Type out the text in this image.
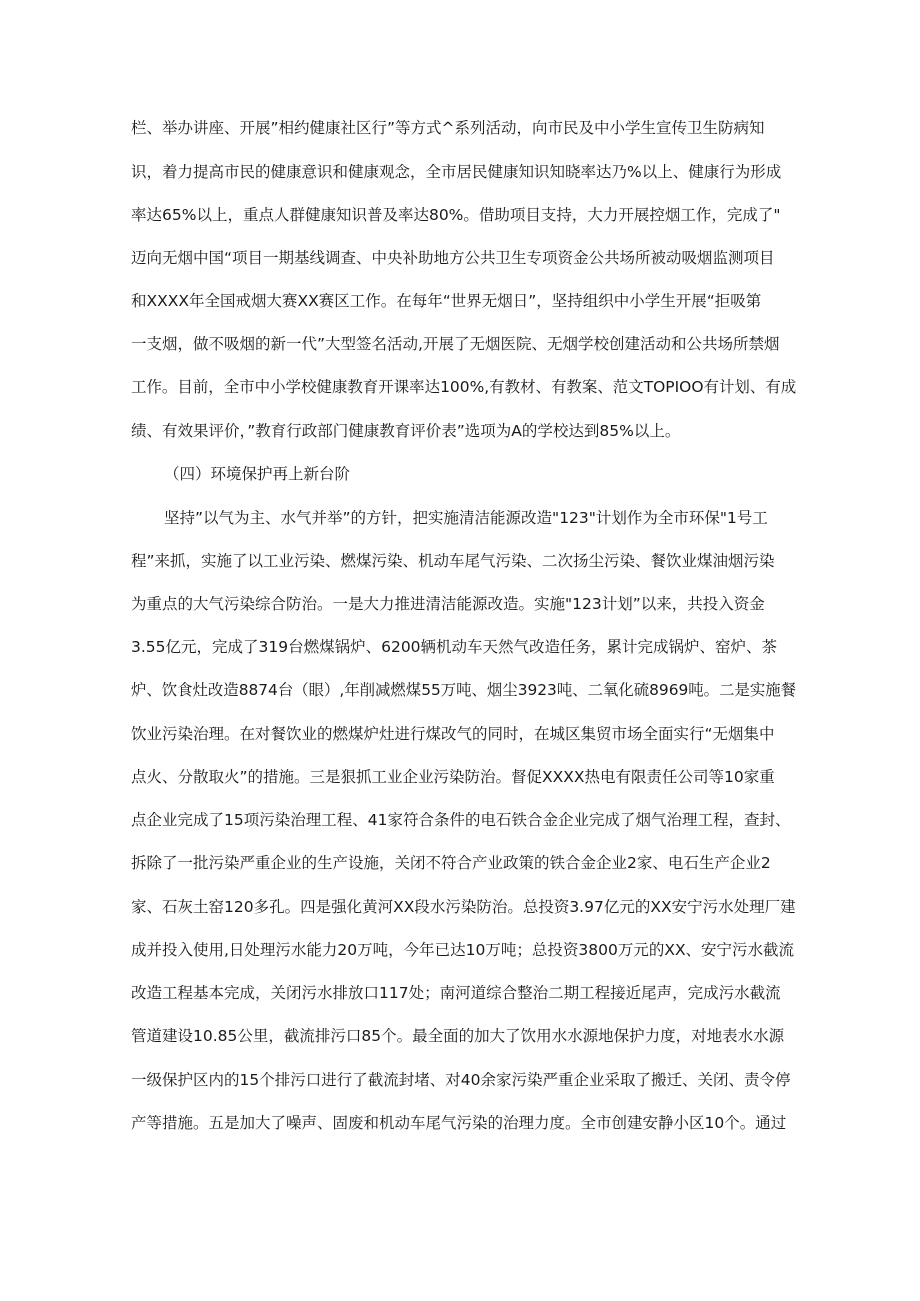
栏、举办讲座、开展”相约健康社区行”等方式^系列活动，向市民及中小学生宣传卫生防病知
识，着力提高市民的健康意识和健康观念，全市居民健康知识知晓率达乃%以上、健康行为形成
率达65%以上，重点人群健康知识普及率达80%。借助项目支持，大力开展控烟工作，完成了"
迈向无烟中国“项目一期基线调查、中央补助地方公共卫生专项资金公共场所被动吸烟监测项目
和XXXX年全国戒烟大赛XX赛区工作。在每年“世界无烟日”，坚持组织中小学生开展“拒吸第
一支烟，做不吸烟的新一代”大型签名活动,开展了无烟医院、无烟学校创建活动和公共场所禁烟
工作。目前，全市中小学校健康教育开课率达100%,有教材、有教案、范文TOPIOO有计划、有成
绩、有效果评价，”教育行政部门健康教育评价表”选项为A的学校达到85%以上。
（四）环境保护再上新台阶
坚持”以气为主、水气并举”的方针，把实施清洁能源改造"123"计划作为全市环保"1号工
程”来抓，实施了以工业污染、燃煤污染、机动车尾气污染、二次扬尘污染、餐饮业煤油烟污染
为重点的大气污染综合防治。一是大力推进清洁能源改造。实施"123计划”以来，共投入资金
3.55亿元，完成了319台燃煤锅炉、6200辆机动车天然气改造任务，累计完成锅炉、窑炉、茶
炉、饮食灶改造8874台（眼）,年削减燃煤55万吨、烟尘3923吨、二氧化硫8969吨。二是实施餐
饮业污染治理。在对餐饮业的燃煤炉灶进行煤改气的同时，在城区集贸市场全面实行“无烟集中
点火、分散取火”的措施。三是狠抓工业企业污染防治。督促XXXX热电有限责任公司等10家重
点企业完成了15项污染治理工程、41家符合条件的电石铁合金企业完成了烟气治理工程，查封、
拆除了一批污染严重企业的生产设施，关闭不符合产业政策的铁合金企业2家、电石生产企业2
家、石灰土窑120多孔。四是强化黄河XX段水污染防治。总投资3.97亿元的XX安宁污水处理厂建
成并投入使用,日处理污水能力20万吨，今年已达10万吨；总投资3800万元的XX、安宁污水截流
改造工程基本完成，关闭污水排放口117处；南河道综合整治二期工程接近尾声，完成污水截流
管道建设10.85公里，截流排污口85个。最全面的加大了饮用水水源地保护力度，对地表水水源
一级保护区内的15个排污口进行了截流封堵、对40余家污染严重企业采取了搬迁、关闭、责令停
产等措施。五是加大了噪声、固废和机动车尾气污染的治理力度。全市创建安静小区10个。通过
